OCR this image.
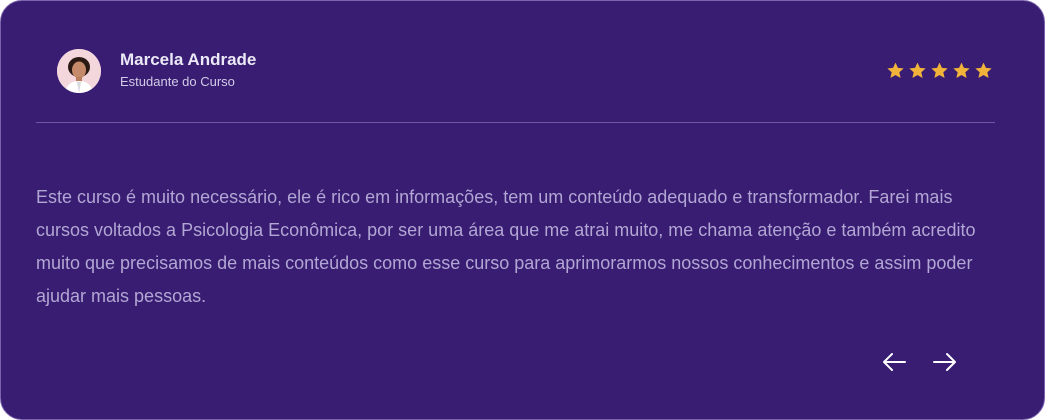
Marcela Andrade
Estudante do Curso

Este curso é muito necessário, ele é rico em informações, tem um conteúdo adequado e transformador. Farei mais cursos voltados a Psicologia Econômica, por ser uma área que me atrai muito, me chama atenção e também acredito muito que precisamos de mais conteúdos como esse curso para aprimorarmos nossos conhecimentos e assim poder ajudar mais pessoas.
